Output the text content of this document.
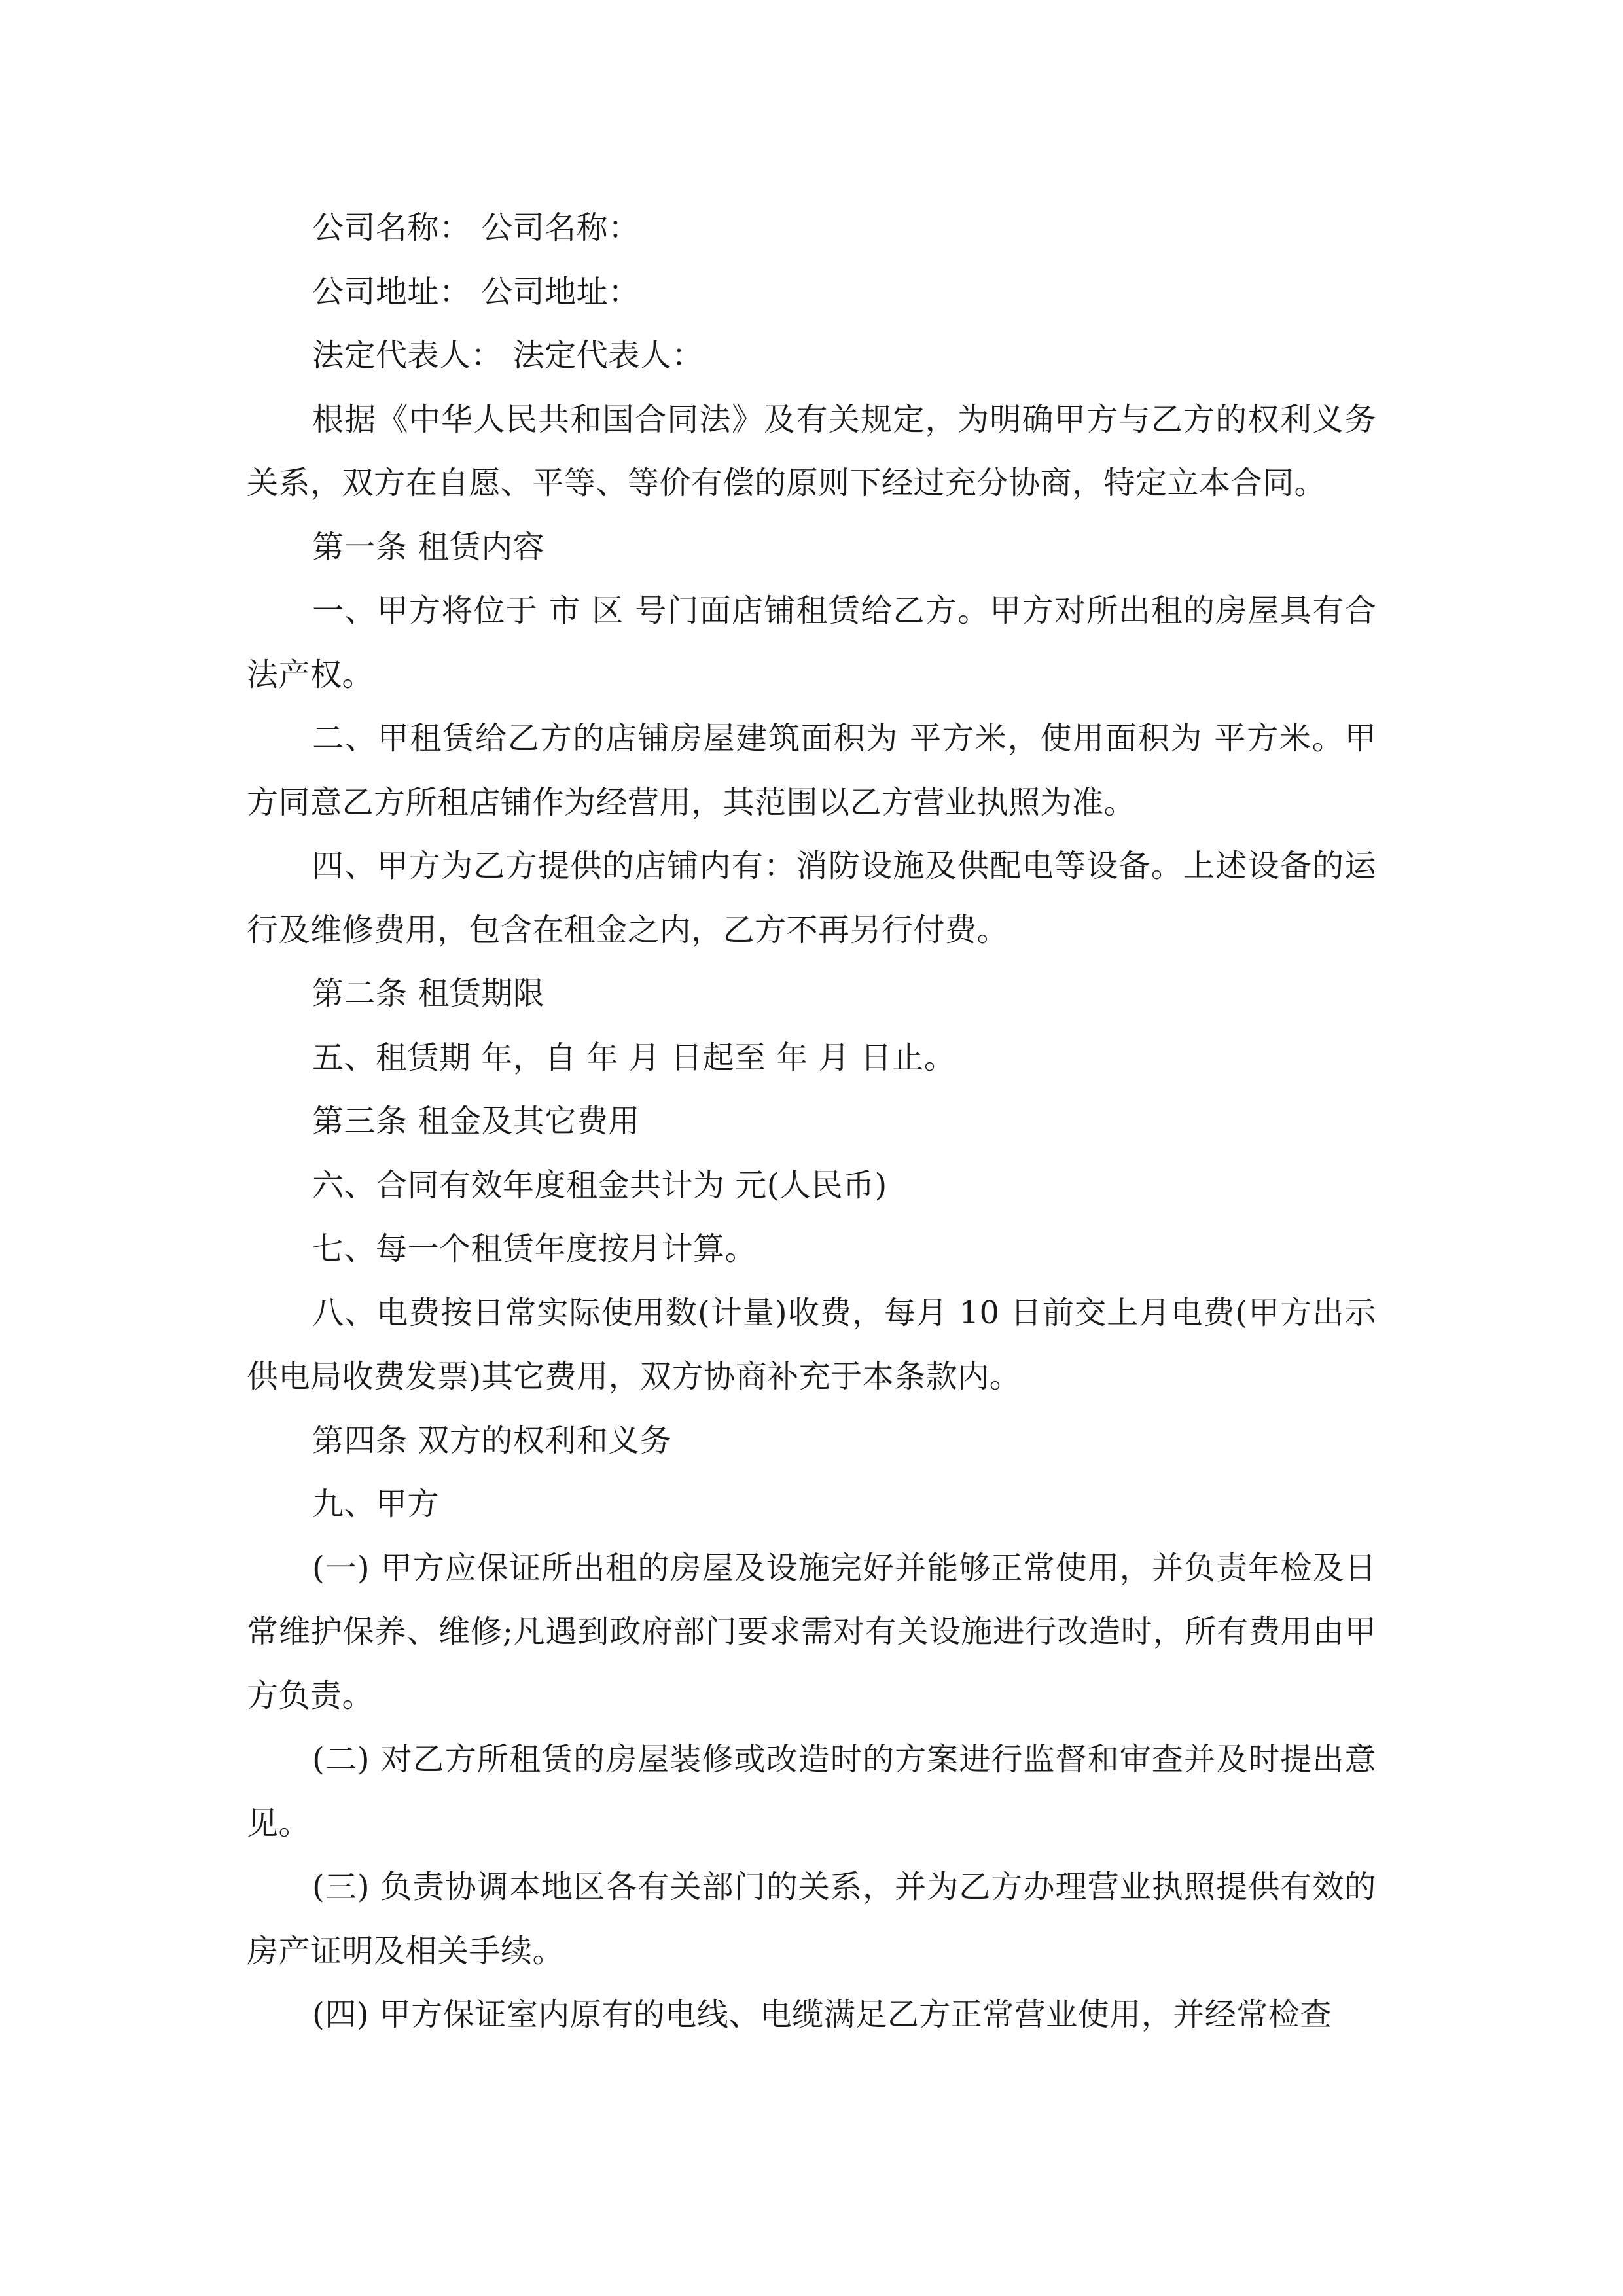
公司名称： 公司名称：

公司地址： 公司地址：

法定代表人： 法定代表人：

根据《中华人民共和国合同法》及有关规定，为明确甲方与乙方的权利义务关系，双方在自愿、平等、等价有偿的原则下经过充分协商，特定立本合同。

第一条 租赁内容

一、甲方将位于 市 区 号门面店铺租赁给乙方。甲方对所出租的房屋具有合法产权。

二、甲租赁给乙方的店铺房屋建筑面积为 平方米，使用面积为 平方米。甲方同意乙方所租店铺作为经营用，其范围以乙方营业执照为准。

四、甲方为乙方提供的店铺内有：消防设施及供配电等设备。上述设备的运行及维修费用，包含在租金之内，乙方不再另行付费。

第二条 租赁期限

五、租赁期 年，自 年 月 日起至 年 月 日止。

第三条 租金及其它费用

六、合同有效年度租金共计为 元(人民币)

七、每一个租赁年度按月计算。

八、电费按日常实际使用数(计量)收费，每月 10 日前交上月电费(甲方出示供电局收费发票)其它费用，双方协商补充于本条款内。

第四条 双方的权利和义务

九、甲方

(一) 甲方应保证所出租的房屋及设施完好并能够正常使用，并负责年检及日常维护保养、维修;凡遇到政府部门要求需对有关设施进行改造时，所有费用由甲方负责。

(二) 对乙方所租赁的房屋装修或改造时的方案进行监督和审查并及时提出意见。

(三) 负责协调本地区各有关部门的关系，并为乙方办理营业执照提供有效的房产证明及相关手续。

(四) 甲方保证室内原有的电线、电缆满足乙方正常营业使用，并经常检查
